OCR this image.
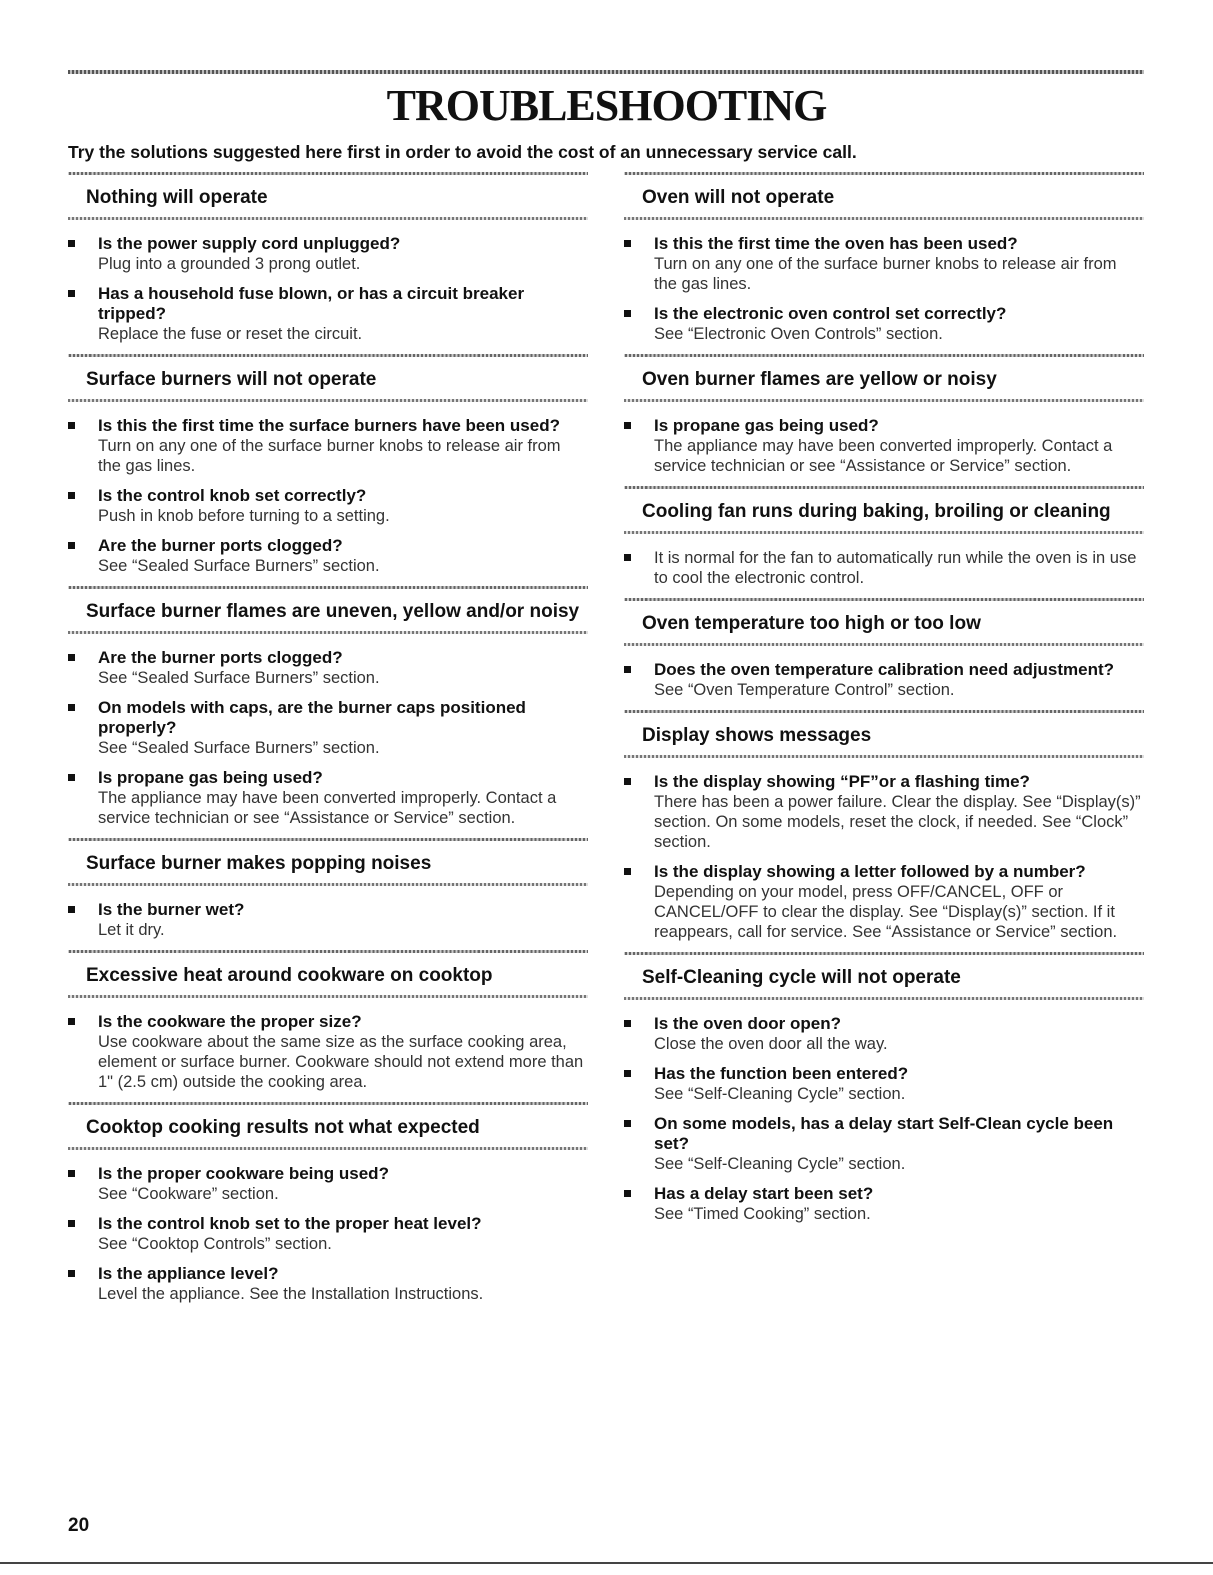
TROUBLESHOOTING

Try the solutions suggested here first in order to avoid the cost of an unnecessary service call.

Nothing will operate
Is the power supply cord unplugged?
Plug into a grounded 3 prong outlet.
Has a household fuse blown, or has a circuit breaker tripped?
Replace the fuse or reset the circuit.
Surface burners will not operate
Is this the first time the surface burners have been used?
Turn on any one of the surface burner knobs to release air from the gas lines.
Is the control knob set correctly?
Push in knob before turning to a setting.
Are the burner ports clogged?
See “Sealed Surface Burners” section.
Surface burner flames are uneven, yellow and/or noisy
Are the burner ports clogged?
See “Sealed Surface Burners” section.
On models with caps, are the burner caps positioned properly?
See “Sealed Surface Burners” section.
Is propane gas being used?
The appliance may have been converted improperly. Contact a service technician or see “Assistance or Service” section.
Surface burner makes popping noises
Is the burner wet?
Let it dry.
Excessive heat around cookware on cooktop
Is the cookware the proper size?
Use cookware about the same size as the surface cooking area, element or surface burner. Cookware should not extend more than 1" (2.5 cm) outside the cooking area.
Cooktop cooking results not what expected
Is the proper cookware being used?
See “Cookware” section.
Is the control knob set to the proper heat level?
See “Cooktop Controls” section.
Is the appliance level?
Level the appliance. See the Installation Instructions.
Oven will not operate
Is this the first time the oven has been used?
Turn on any one of the surface burner knobs to release air from the gas lines.
Is the electronic oven control set correctly?
See “Electronic Oven Controls” section.
Oven burner flames are yellow or noisy
Is propane gas being used?
The appliance may have been converted improperly. Contact a service technician or see “Assistance or Service” section.
Cooling fan runs during baking, broiling or cleaning
It is normal for the fan to automatically run while the oven is in use to cool the electronic control.
Oven temperature too high or too low
Does the oven temperature calibration need adjustment?
See “Oven Temperature Control” section.
Display shows messages
Is the display showing “PF”or a flashing time?
There has been a power failure. Clear the display. See “Display(s)” section. On some models, reset the clock, if needed. See “Clock” section.
Is the display showing a letter followed by a number?
Depending on your model, press OFF/CANCEL, OFF or CANCEL/OFF to clear the display. See “Display(s)” section. If it reappears, call for service. See “Assistance or Service” section.
Self-Cleaning cycle will not operate
Is the oven door open?
Close the oven door all the way.
Has the function been entered?
See “Self-Cleaning Cycle” section.
On some models, has a delay start Self-Clean cycle been set?
See “Self-Cleaning Cycle” section.
Has a delay start been set?
See “Timed Cooking” section.
20
